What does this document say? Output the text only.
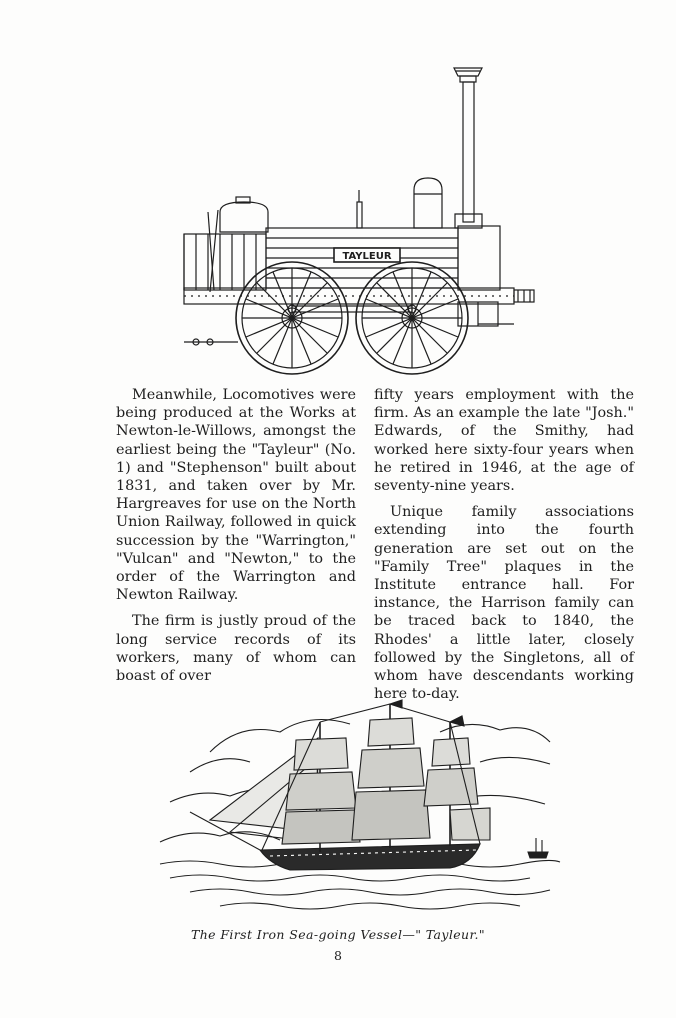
TAYLEUR

Meanwhile, Locomotives were being produced at the Works at Newton-le-Willows, amongst the earliest being the "Tayleur" (No. 1) and "Stephenson" built about 1831, and taken over by Mr. Hargreaves for use on the North Union Railway, followed in quick succession by the "Warrington," "Vulcan" and "Newton," to the order of the Warrington and Newton Railway.

The firm is justly proud of the long service records of its workers, many of whom can boast of over

fifty years employment with the firm. As an example the late "Josh." Edwards, of the Smithy, had worked here sixty-four years when he retired in 1946, at the age of seventy-nine years.

Unique family associations extending into the fourth generation are set out on the "Family Tree" plaques in the Institute entrance hall. For instance, the Harrison family can be traced back to 1840, the Rhodes' a little later, closely followed by the Singletons, all of whom have descendants working here to-day.

The First Iron Sea-going Vessel—" Tayleur."
8
